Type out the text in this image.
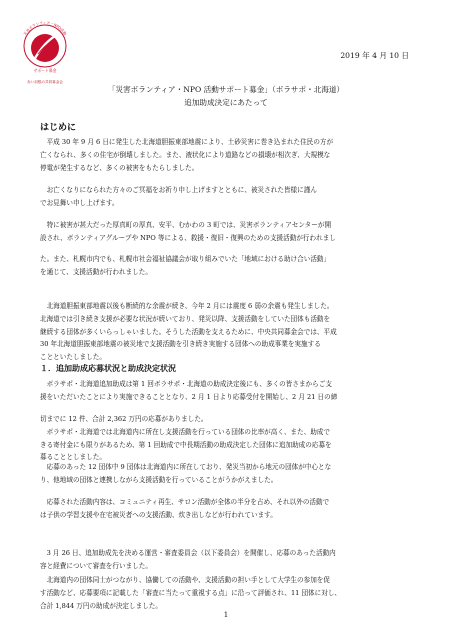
災害ボランティア・NPO活動
サポート募金
赤い羽根の共同募金会
2019 年 4 月 10 日
「災害ボランティア・NPO 活動サポート募金」（ボラサポ・北海道）
追加助成決定にあたって
はじめに
　平成 30 年 9 月 6 日に発生した北海道胆振東部地震により、土砂災害に巻き込まれた住民の方が
亡くなられ、多くの住宅が倒壊しました。また、液状化により道路などの損壊が相次ぎ、大規模な
停電が発生するなど、多くの被害をもたらしました。
　お亡くなりになられた方々のご冥福をお祈り申し上げますとともに、被災された皆様に謹ん
でお見舞い申し上げます。
　特に被害が甚大だった厚真町の厚真、安平、むかわの 3 町では、災害ボランティアセンターが開
設され、ボランティアグループや NPO 等による、救援・復旧・復興のための支援活動が行われまし
た。また、札幌市内でも、札幌市社会福祉協議会が取り組みでいた「地域における助け合い活動」
を通じて、支援活動が行われました。
　北海道胆振東部地震以後も断続的な余震が続き、今年 2 月には震度 6 弱の余震も発生しました。
北海道では引き続き支援が必要な状況が続いており、発災以降、支援活動をしていた団体も活動を
継続する団体が多くいらっしゃいました。そうした活動を支えるために、中央共同募金会では、平成
30 年北海道胆振東部地震の被災地で支援活動を引き続き実施する団体への助成事業を実施する
ことといたしました。
１．追加助成応募状況と助成決定状況
　ボラサポ・北海道追加助成は第 1 回ボラサポ・北海道の助成決定後にも、多くの皆さまからご支
援をいただいたことにより実施できることとなり、2 月 1 日より応募受付を開始し、2 月 21 日の締
切までに 12 件、合計 2,362 万円の応募がありました。
　ボラサポ・北海道では北海道内に所在し支援活動を行っている団体の比率が高く、また、助成で
きる寄付金にも限りがあるため、第 1 回助成で中長期活動の助成決定した団体に追加助成の応募を
募ることとしました。
　応募のあった 12 団体中 9 団体は北海道内に所在しており、発災当初から地元の団体が中心とな
り、他地域の団体と連携しながら支援活動を行っていることがうかがえました。
　応募された活動内容は、コミュニティ再生、サロン活動が全体の半分を占め、それ以外の活動で
は子供の学習支援や在宅被災者への支援活動、炊き出しなどが行われています。
　3 月 26 日、追加助成先を決める運営・審査委員会（以下委員会）を開催し、応募のあった活動内
容と経費について審査を行いました。
　北海道内の団体同士がつながり、協働しての活動や、支援活動の担い手として大学生の参加を促
す活動など、応募要項に記載した「審査に当たって重視する点」に沿って評価され、11 団体に対し、
合計 1,844 万円の助成が決定しました。
1
